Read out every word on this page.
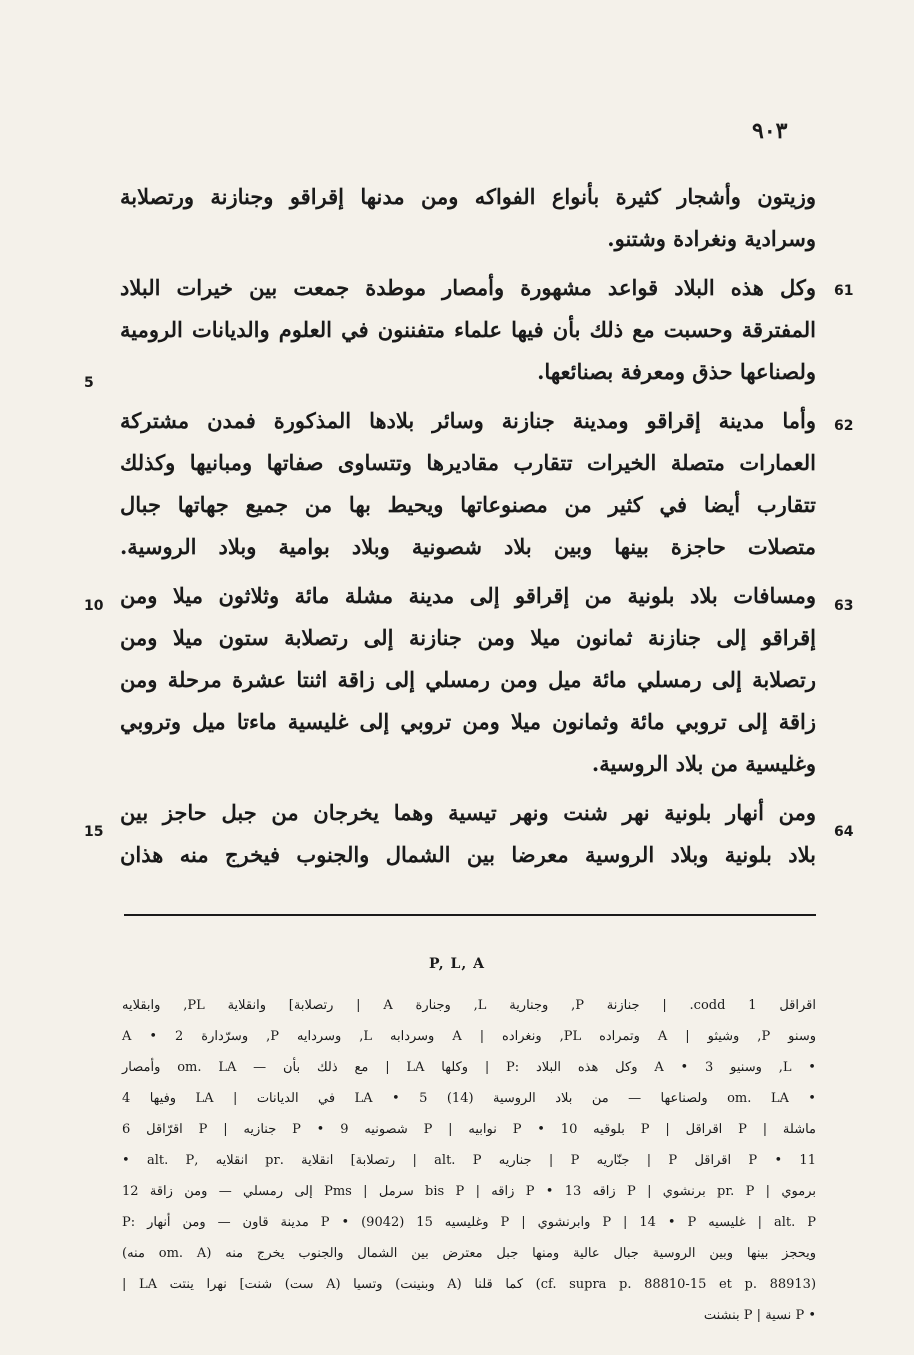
٩٠٣
وزيتون وأشجار كثيرة بأنواع الفواكه ومن مدنها إقراقو وجنازنة ورتصلابة
وسرادية ونغرادة وشتنو.
وكل هذه البلاد قواعد مشهورة وأمصار موطدة جمعت بين خيرات البلاد
المفترقة وحسبت مع ذلك بأن فيها علماء متفننون في العلوم والديانات الرومية
ولصناعها حذق ومعرفة بصنائعها.
وأما مدينة إقراقو ومدينة جنازنة وسائر بلادها المذكورة فمدن مشتركة
العمارات متصلة الخيرات تتقارب مقاديرها وتتساوى صفاتها ومبانيها وكذلك
تتقارب أيضا في كثير من مصنوعاتها ويحيط بها من جميع جهاتها جبال
متصلات حاجزة بينها وبين بلاد شصونية وبلاد بوامية وبلاد الروسية.
ومسافات بلاد بلونية من إقراقو إلى مدينة مشلة مائة وثلاثون ميلا ومن
إقراقو إلى جنازنة ثمانون ميلا ومن جنازنة إلى رتصلابة ستون ميلا ومن
رتصلابة إلى رمسلي مائة ميل ومن رمسلي إلى زاقة اثنتا عشرة مرحلة ومن
زاقة إلى تروبي مائة وثمانون ميلا ومن تروبي إلى غليسية ماءتا ميل وتروبي
وغليسية من بلاد الروسية.
ومن أنهار بلونية نهر شنت ونهر تيسية وهما يخرجان من جبل حاجز بين
بلاد بلونية وبلاد الروسية معرضا بين الشمال والجنوب فيخرج منه هذان
61
62
63
64
5
10
15
P, L, A
اقراقل 1 codd. | جنازنة P, وجنارية L, وجنارة A | رتصلابة] وانقلاية PL, وابقلايه
وسنو P, وشيثو | A وتمراده PL, ونغراده | A وسردابه L, وسردايه P, وسرّدارة 2 • A
• L, وسنيو A • 3 وكل هذه البلاد :P | وكلها LA | مع ذلك بأن — om. LA وأمصار
• om. LA ولصناعها — من بلاد الروسية (14) 5 • LA في الديانات | LA وفيها 4
ماشلة | P اقراقل | P بلوقيه 10 • P نوابيه | P شصونيه 9 • P جنازيه | P اقرّاقل 6
P • 11 اقراقل P | جنّاريه P | جناريه alt. P | رتصلابة] انقلاية .pr انقلايه ,alt. P •
برموي | pr. P برنشوي | P زاقه 13 • P زاقه | bis P سرمل | Pms إلى رمسلي — ومن زاقة 12
alt. P | غليسيه P | 14 • P وابرنشوي | P وغليسيه 15 (9042) • P مدينة قاون — ومن أنهار :P
ويحجز بينها وبين الروسية جبال عالية ومنها جبل معترض بين الشمال والجنوب يخرج منه (om. A منه)
(cf. supra p. 88810-15 et p. 88913) كما قلنا (A وبنينت) وتسيا (A ست) شنت] نهرا ينتت LA |
• P نسية | P بنشنت
